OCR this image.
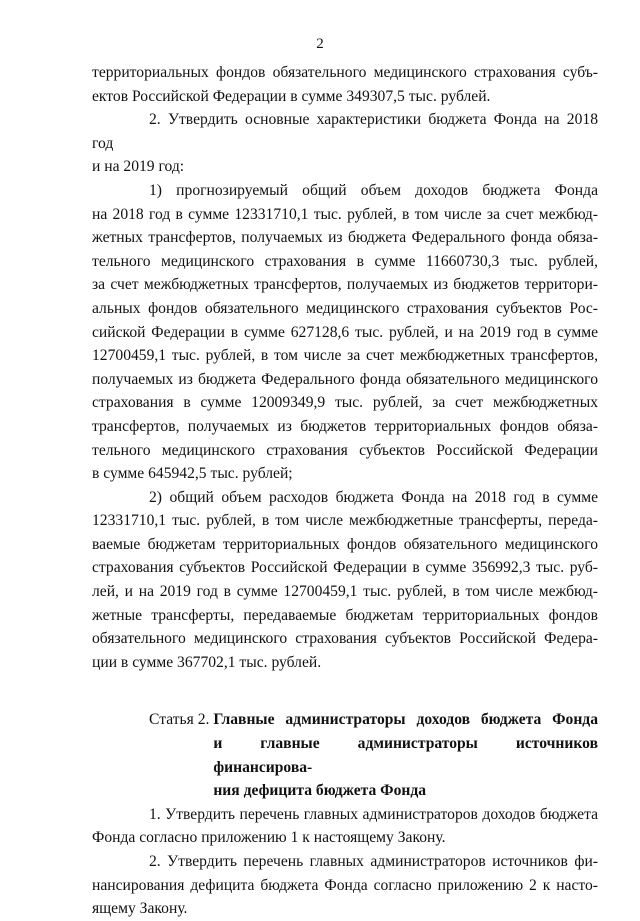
2
территориальных фондов обязательного медицинского страхования субъ-
ектов Российской Федерации в сумме 349307,5 тыс. рублей.
2. Утвердить основные характеристики бюджета Фонда на 2018 год
и на 2019 год:
1) прогнозируемый общий объем доходов бюджета Фонда
на 2018 год в сумме 12331710,1 тыс. рублей, в том числе за счет межбюд-
жетных трансфертов, получаемых из бюджета Федерального фонда обяза-
тельного медицинского страхования в сумме 11660730,3 тыс. рублей,
за счет межбюджетных трансфертов, получаемых из бюджетов территори-
альных фондов обязательного медицинского страхования субъектов Рос-
сийской Федерации в сумме 627128,6 тыс. рублей, и на 2019 год в сумме
12700459,1 тыс. рублей, в том числе за счет межбюджетных трансфертов,
получаемых из бюджета Федерального фонда обязательного медицинского
страхования в сумме 12009349,9 тыс. рублей, за счет межбюджетных
трансфертов, получаемых из бюджетов территориальных фондов обяза-
тельного медицинского страхования субъектов Российской Федерации
в сумме 645942,5 тыс. рублей;
2) общий объем расходов бюджета Фонда на 2018 год в сумме
12331710,1 тыс. рублей, в том числе межбюджетные трансферты, переда-
ваемые бюджетам территориальных фондов обязательного медицинского
страхования субъектов Российской Федерации в сумме 356992,3 тыс. руб-
лей, и на 2019 год в сумме 12700459,1 тыс. рублей, в том числе межбюд-
жетные трансферты, передаваемые бюджетам территориальных фондов
обязательного медицинского страхования субъектов Российской Федера-
ции в сумме 367702,1 тыс. рублей.
Статья 2. Главные администраторы доходов бюджета Фонда
и главные администраторы источников финансирова-
ния дефицита бюджета Фонда
1. Утвердить перечень главных администраторов доходов бюджета
Фонда согласно приложению 1 к настоящему Закону.
2. Утвердить перечень главных администраторов источников фи-
нансирования дефицита бюджета Фонда согласно приложению 2 к насто-
ящему Закону.
